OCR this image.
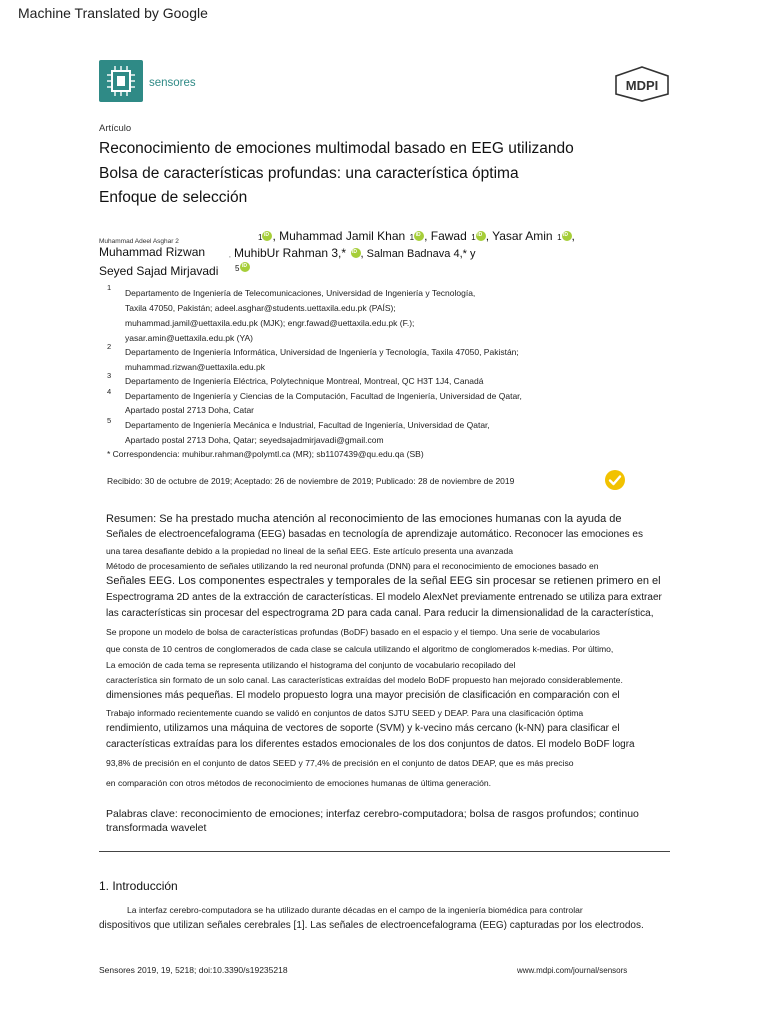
Machine Translated by Google
sensores	MDPI
Artículo
Reconocimiento de emociones multimodal basado en EEG utilizando
Bolsa de características profundas: una característica óptima
Enfoque de selección
Muhammad Adeel Asghar 2	1 iD , Muhammad Jamil Khan 1 iD , Fawad 1 iD , Yasar Amin 1 iD ,
Muhammad Rizwan	, MuhibUr Rahman 3,* iD , Salman Badnava 4,* y
Seyed Sajad Mirjavadi 5iD
1
Departamento de Ingeniería de Telecomunicaciones, Universidad de Ingeniería y Tecnología,
Taxila 47050, Pakistán; adeel.asghar@students.uettaxila.edu.pk (PAÍS);
muhammad.jamil@uettaxila.edu.pk (MJK); engr.fawad@uettaxila.edu.pk (F.);
yasar.amin@uettaxila.edu.pk (YA)
2
Departamento de Ingeniería Informática, Universidad de Ingeniería y Tecnología, Taxila 47050, Pakistán;
muhammad.rizwan@uettaxila.edu.pk
3
Departamento de Ingeniería Eléctrica, Polytechnique Montreal, Montreal, QC H3T 1J4, Canadá
4 Departamento de Ingeniería y Ciencias de la Computación, Facultad de Ingeniería, Universidad de Qatar,
Apartado postal 2713 Doha, Catar
5 Departamento de Ingeniería Mecánica e Industrial, Facultad de Ingeniería, Universidad de Qatar,
Apartado postal 2713 Doha, Qatar; seyedsajadmirjavadi@gmail.com
* Correspondencia: muhibur.rahman@polymtl.ca (MR); sb1107439@qu.edu.qa (SB)
Recibido: 30 de octubre de 2019; Aceptado: 26 de noviembre de 2019; Publicado: 28 de noviembre de 2019
Resumen: Se ha prestado mucha atención al reconocimiento de las emociones humanas con la ayuda de
Señales de electroencefalograma (EEG) basadas en tecnología de aprendizaje automático. Reconocer las emociones es
una tarea desafiante debido a la propiedad no lineal de la señal EEG. Este artículo presenta una avanzada
Método de procesamiento de señales utilizando la red neuronal profunda (DNN) para el reconocimiento de emociones basado en
Señales EEG. Los componentes espectrales y temporales de la señal EEG sin procesar se retienen primero en el
Espectrograma 2D antes de la extracción de características. El modelo AlexNet previamente entrenado se utiliza para extraer
las características sin procesar del espectrograma 2D para cada canal. Para reducir la dimensionalidad de la característica,
Se propone un modelo de bolsa de características profundas (BoDF) basado en el espacio y el tiempo. Una serie de vocabularios
que consta de 10 centros de conglomerados de cada clase se calcula utilizando el algoritmo de conglomerados k-medias. Por último,
La emoción de cada tema se representa utilizando el histograma del conjunto de vocabulario recopilado del
característica sin formato de un solo canal. Las características extraídas del modelo BoDF propuesto han mejorado considerablemente.
dimensiones más pequeñas. El modelo propuesto logra una mayor precisión de clasificación en comparación con el
Trabajo informado recientemente cuando se validó en conjuntos de datos SJTU SEED y DEAP. Para una clasificación óptima
rendimiento, utilizamos una máquina de vectores de soporte (SVM) y k-vecino más cercano (k-NN) para clasificar el
características extraídas para los diferentes estados emocionales de los dos conjuntos de datos. El modelo BoDF logra
93,8% de precisión en el conjunto de datos SEED y 77,4% de precisión en el conjunto de datos DEAP, que es más preciso
en comparación con otros métodos de reconocimiento de emociones humanas de última generación.
Palabras clave: reconocimiento de emociones; interfaz cerebro-computadora; bolsa de rasgos profundos; continuo
transformada wavelet
1. Introducción
La interfaz cerebro-computadora se ha utilizado durante décadas en el campo de la ingeniería biomédica para controlar
dispositivos que utilizan señales cerebrales [1]. Las señales de electroencefalograma (EEG) capturadas por los electrodos.
Sensores 2019, 19, 5218; doi:10.3390/s19235218	www.mdpi.com/journal/sensors
